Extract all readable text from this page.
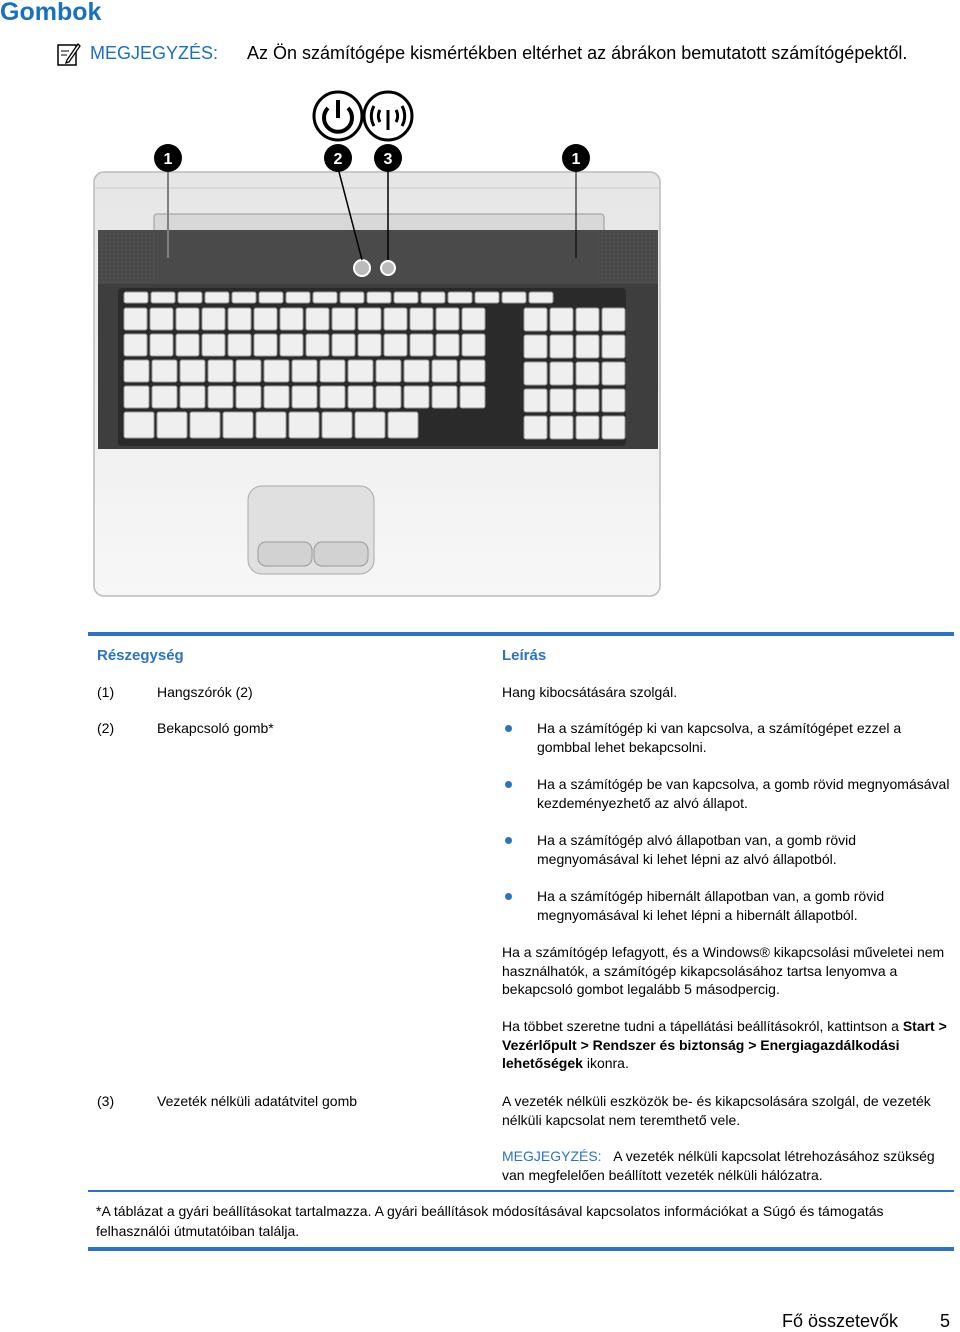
Gombok
MEGJEGYZÉS: Az Ön számítógépe kismértékben eltérhet az ábrákon bemutatott számítógépektől.
1	2	3	1
Részegység	Leírás
(1)	Hangszórók (2)	Hang kibocsátására szolgál.
(2)	Bekapcsoló gomb*	Ha a számítógép ki van kapcsolva, a számítógépet ezzel a gombbal lehet bekapcsolni.
Ha a számítógép be van kapcsolva, a gomb rövid megnyomásával kezdeményezhető az alvó állapot.
Ha a számítógép alvó állapotban van, a gomb rövid megnyomásával ki lehet lépni az alvó állapotból.
Ha a számítógép hibernált állapotban van, a gomb rövid megnyomásával ki lehet lépni a hibernált állapotból.
Ha a számítógép lefagyott, és a Windows® kikapcsolási műveletei nem használhatók, a számítógép kikapcsolásához tartsa lenyomva a bekapcsoló gombot legalább 5 másodpercig.
Ha többet szeretne tudni a tápellátási beállításokról, kattintson a Start > Vezérlőpult > Rendszer és biztonság > Energiagazdálkodási lehetőségek ikonra.
(3)	Vezeték nélküli adatátvitel gomb	A vezeték nélküli eszközök be- és kikapcsolására szolgál, de vezeték nélküli kapcsolat nem teremthető vele.
MEGJEGYZÉS: A vezeték nélküli kapcsolat létrehozásához szükség van megfelelően beállított vezeték nélküli hálózatra.
*A táblázat a gyári beállításokat tartalmazza. A gyári beállítások módosításával kapcsolatos információkat a Súgó és támogatás felhasználói útmutatóiban találja.
Fő összetevők 5
